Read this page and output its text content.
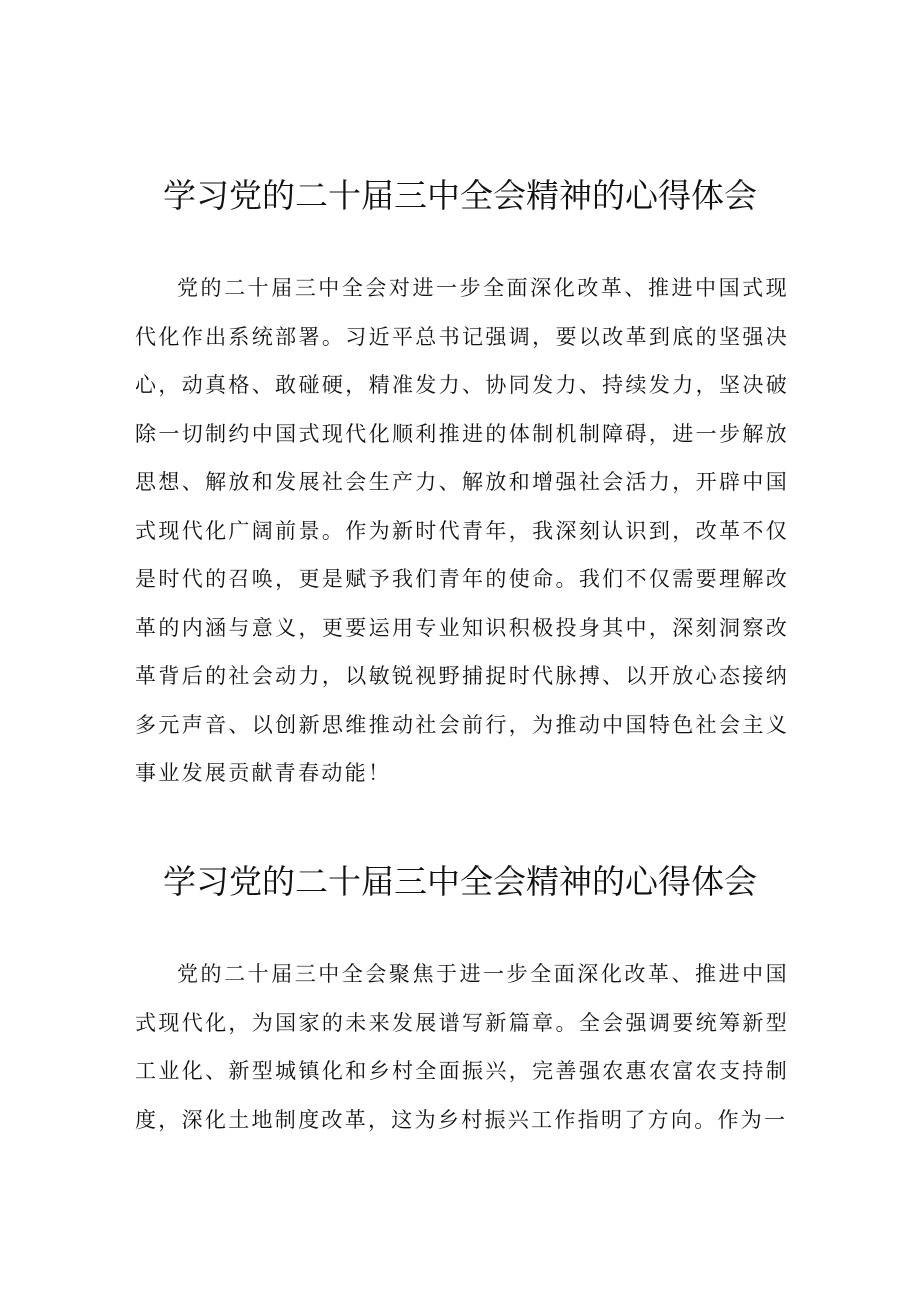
学习党的二十届三中全会精神的心得体会

党的二十届三中全会对进一步全面深化改革、推进中国式现代化作出系统部署。习近平总书记强调，要以改革到底的坚强决心，动真格、敢碰硬，精准发力、协同发力、持续发力，坚决破除一切制约中国式现代化顺利推进的体制机制障碍，进一步解放思想、解放和发展社会生产力、解放和增强社会活力，开辟中国式现代化广阔前景。作为新时代青年，我深刻认识到，改革不仅是时代的召唤，更是赋予我们青年的使命。我们不仅需要理解改革的内涵与意义，更要运用专业知识积极投身其中，深刻洞察改革背后的社会动力，以敏锐视野捕捉时代脉搏、以开放心态接纳多元声音、以创新思维推动社会前行，为推动中国特色社会主义事业发展贡献青春动能！

学习党的二十届三中全会精神的心得体会

党的二十届三中全会聚焦于进一步全面深化改革、推进中国式现代化，为国家的未来发展谱写新篇章。全会强调要统筹新型工业化、新型城镇化和乡村全面振兴，完善强农惠农富农支持制度，深化土地制度改革，这为乡村振兴工作指明了方向。作为一
